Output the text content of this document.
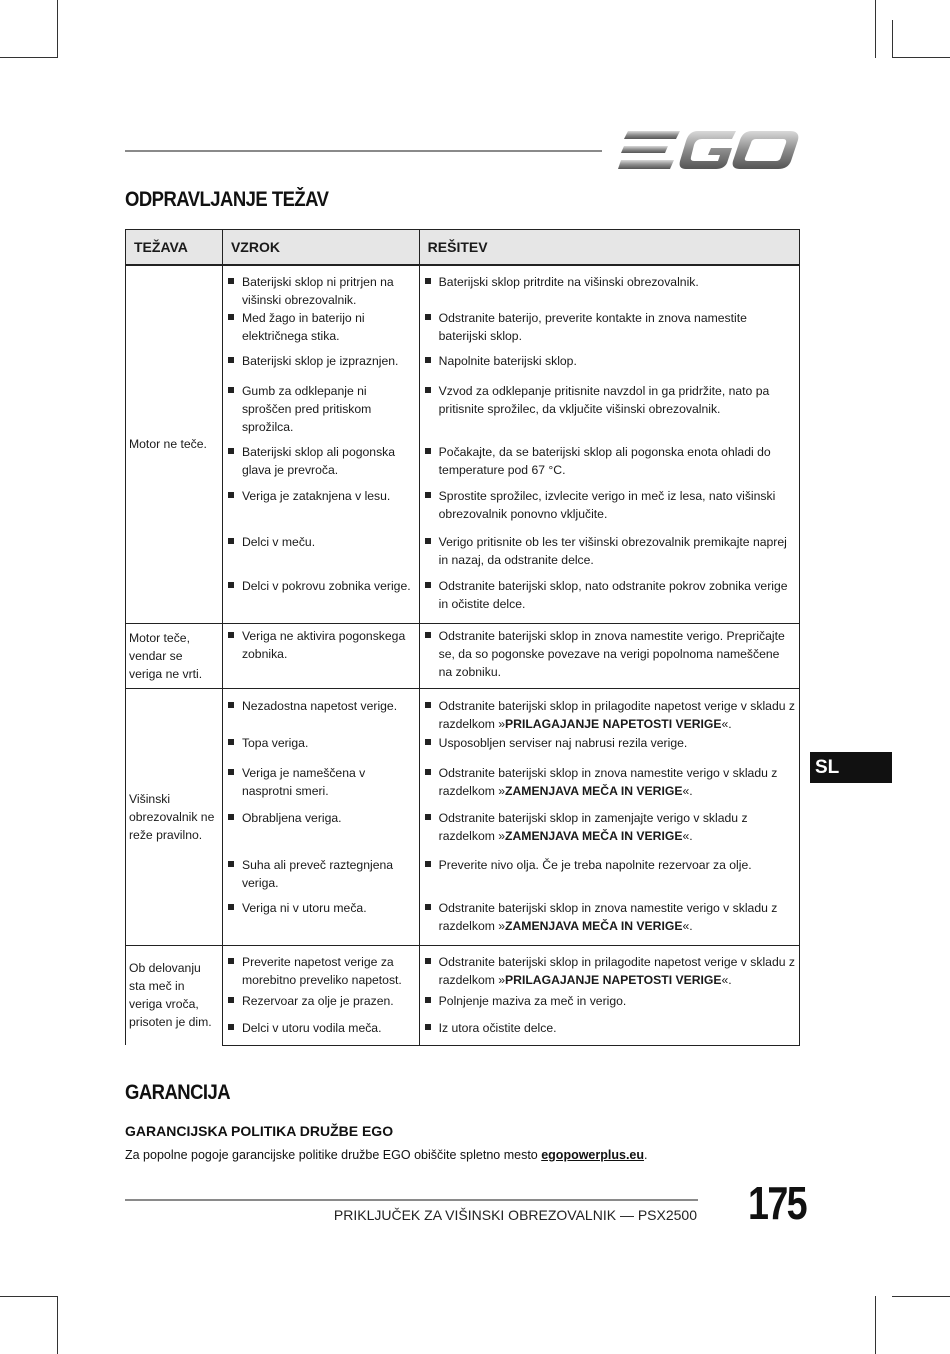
ODPRAVLJANJE TEŽAV
TEŽAVA	VZROK	REŠITEV
Motor ne teče.	Baterijski sklop ni pritrjen na višinski obrezovalnik.	Baterijski sklop pritrdite na višinski obrezovalnik.

	Med žago in baterijo ni električnega stika.	Odstranite baterijo, preverite kontakte in znova namestite baterijski sklop.

	Baterijski sklop je izpraznjen.	Napolnite baterijski sklop.

	Gumb za odklepanje ni sproščen pred pritiskom sprožilca.	Vzvod za odklepanje pritisnite navzdol in ga pridržite, nato pa pritisnite sprožilec, da vključite višinski obrezovalnik.

	Baterijski sklop ali pogonska glava je prevroča.	Počakajte, da se baterijski sklop ali pogonska enota ohladi do temperature pod 67 °C.

	Veriga je zataknjena v lesu.	Sprostite sprožilec, izvlecite verigo in meč iz lesa, nato višinski obrezovalnik ponovno vključite.

	Delci v meču.	Verigo pritisnite ob les ter višinski obrezovalnik premikajte naprej in nazaj, da odstranite delce.

	Delci v pokrovu zobnika verige.	Odstranite baterijski sklop, nato odstranite pokrov zobnika verige in očistite delce.

Motor teče, vendar se veriga ne vrti.	Veriga ne aktivira pogonskega zobnika.	Odstranite baterijski sklop in znova namestite verigo. Prepričajte se, da so pogonske povezave na verigi popolnoma nameščene na zobniku.

Višinski obrezovalnik ne reže pravilno.	Nezadostna napetost verige.	Odstranite baterijski sklop in prilagodite napetost verige v skladu z razdelkom »PRILAGAJANJE NAPETOSTI VERIGE«.

	Topa veriga.	Usposobljen serviser naj nabrusi rezila verige.

	Veriga je nameščena v nasprotni smeri.	Odstranite baterijski sklop in znova namestite verigo v skladu z razdelkom »ZAMENJAVA MEČA IN VERIGE«.

	Obrabljena veriga.	Odstranite baterijski sklop in zamenjajte verigo v skladu z razdelkom »ZAMENJAVA MEČA IN VERIGE«.

	Suha ali preveč raztegnjena veriga.	Preverite nivo olja. Če je treba napolnite rezervoar za olje.

	Veriga ni v utoru meča.	Odstranite baterijski sklop in znova namestite verigo v skladu z razdelkom »ZAMENJAVA MEČA IN VERIGE«.

Ob delovanju sta meč in veriga vroča, prisoten je dim.	Preverite napetost verige za morebitno preveliko napetost.	Odstranite baterijski sklop in prilagodite napetost verige v skladu z razdelkom »PRILAGAJANJE NAPETOSTI VERIGE«.

	Rezervoar za olje je prazen.	Polnjenje maziva za meč in verigo.

	Delci v utoru vodila meča.	Iz utora očistite delce.
SL
GARANCIJA
GARANCIJSKA POLITIKA DRUŽBE EGO
Za popolne pogoje garancijske politike družbe EGO obiščite spletno mesto egopowerplus.eu.
PRIKLJUČEK ZA VIŠINSKI OBREZOVALNIK — PSX2500 175
